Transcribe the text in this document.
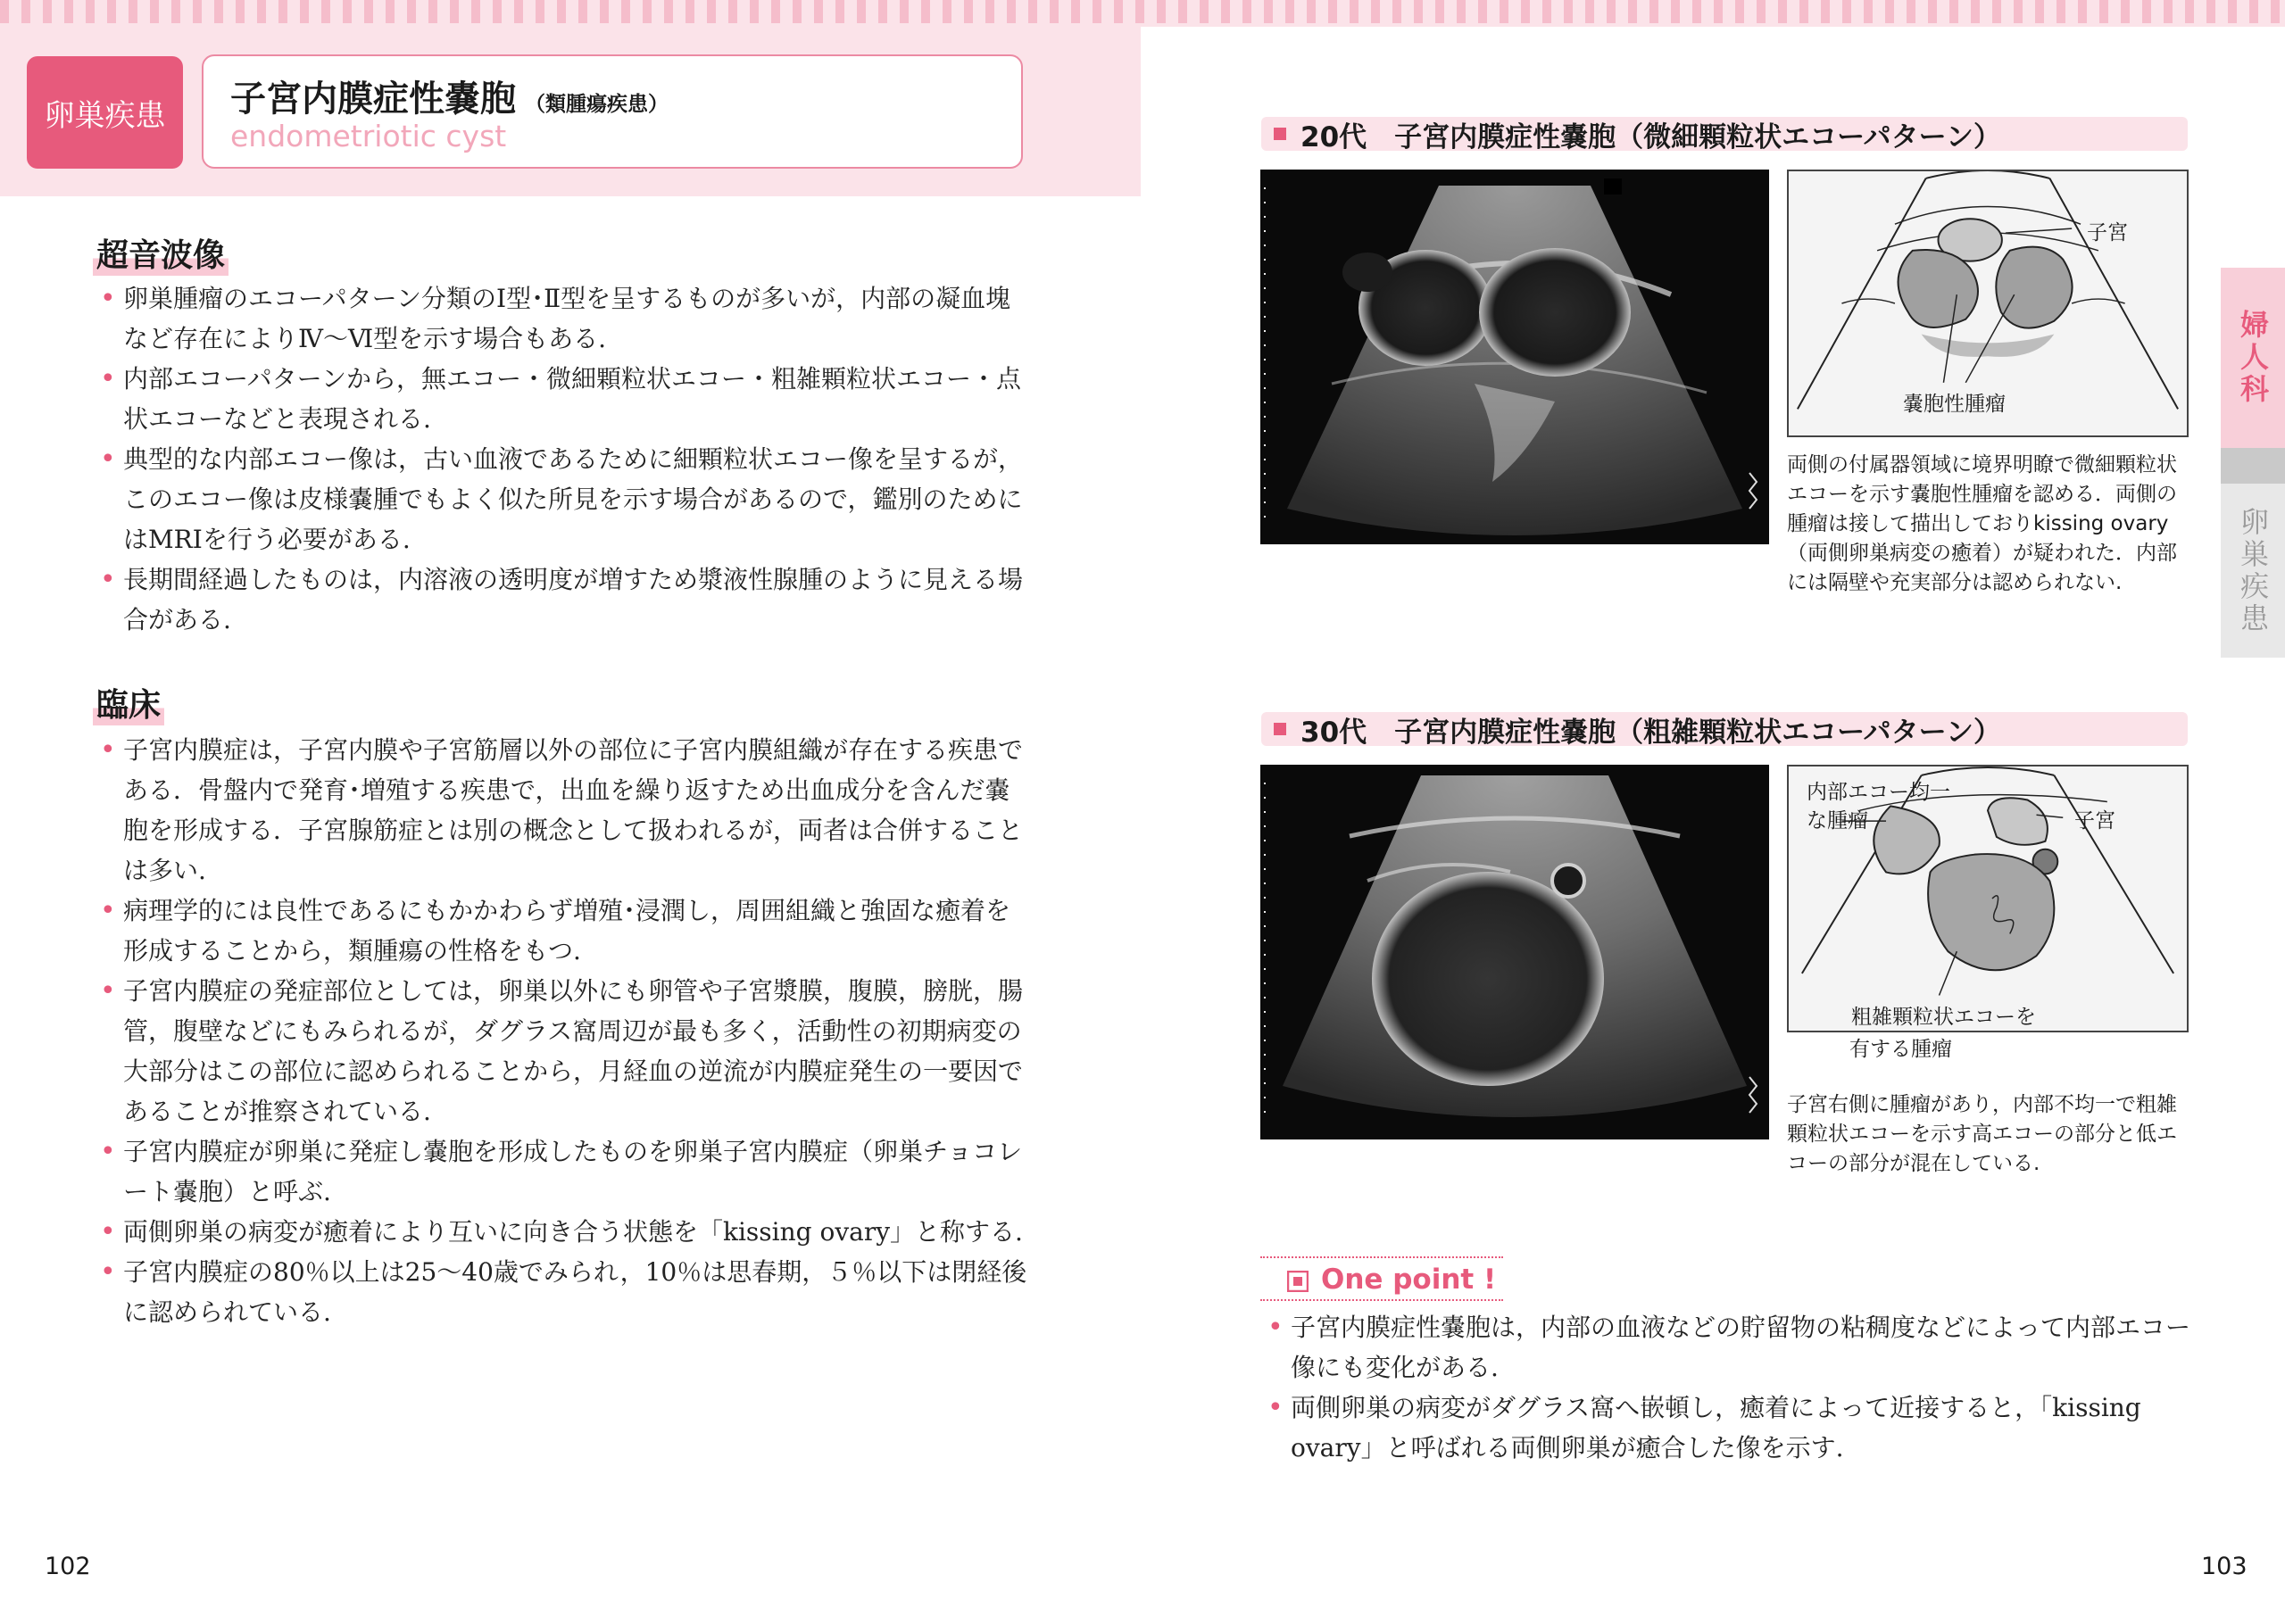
卵巣疾患	子宮内膜症性嚢胞 （類腫瘍疾患）
endometriotic cyst
超音波像
• 卵巣腫瘤のエコーパターン分類のⅠ型･Ⅱ型を呈するものが多いが，内部の凝血塊など存在によりⅣ～Ⅵ型を示す場合もある.
• 内部エコーパターンから，無エコー・微細顆粒状エコー・粗雑顆粒状エコー・点状エコーなどと表現される.
• 典型的な内部エコー像は，古い血液であるために細顆粒状エコー像を呈するが，このエコー像は皮様嚢腫でもよく似た所見を示す場合があるので，鑑別のためにはMRIを行う必要がある.
• 長期間経過したものは，内溶液の透明度が増すため漿液性腺腫のように見える場合がある.
臨床
• 子宮内膜症は，子宮内膜や子宮筋層以外の部位に子宮内膜組織が存在する疾患である．骨盤内で発育･増殖する疾患で，出血を繰り返すため出血成分を含んだ嚢胞を形成する．子宮腺筋症とは別の概念として扱われるが，両者は合併することは多い.
• 病理学的には良性であるにもかかわらず増殖･浸潤し，周囲組織と強固な癒着を形成することから，類腫瘍の性格をもつ.
• 子宮内膜症の発症部位としては，卵巣以外にも卵管や子宮漿膜，腹膜，膀胱，腸管，腹壁などにもみられるが，ダグラス窩周辺が最も多く，活動性の初期病変の大部分はこの部位に認められることから，月経血の逆流が内膜症発生の一要因であることが推察されている.
• 子宮内膜症が卵巣に発症し嚢胞を形成したものを卵巣子宮内膜症（卵巣チョコレート嚢胞）と呼ぶ.
• 両側卵巣の病変が癒着により互いに向き合う状態を「kissing ovary」と称する.
• 子宮内膜症の80％以上は25～40歳でみられ，10％は思春期，５％以下は閉経後に認められている.
20代　子宮内膜症性嚢胞（微細顆粒状エコーパターン）
子宮
嚢胞性腫瘤
両側の付属器領域に境界明瞭で微細顆粒状エコーを示す嚢胞性腫瘤を認める．両側の腫瘤は接して描出しておりkissing ovary（両側卵巣病変の癒着）が疑われた．内部には隔壁や充実部分は認められない.
30代　子宮内膜症性嚢胞（粗雑顆粒状エコーパターン）
内部エコー均一
な腫瘤	子宮
粗雑顆粒状エコーを
有する腫瘤
子宮右側に腫瘤があり，内部不均一で粗雑顆粒状エコーを示す高エコーの部分と低エコーの部分が混在している.
One point !
• 子宮内膜症性嚢胞は，内部の血液などの貯留物の粘稠度などによって内部エコー像にも変化がある.
• 両側卵巣の病変がダグラス窩へ嵌頓し，癒着によって近接すると，「kissing ovary」と呼ばれる両側卵巣が癒合した像を示す.
婦人科
卵巣疾患
102	103
